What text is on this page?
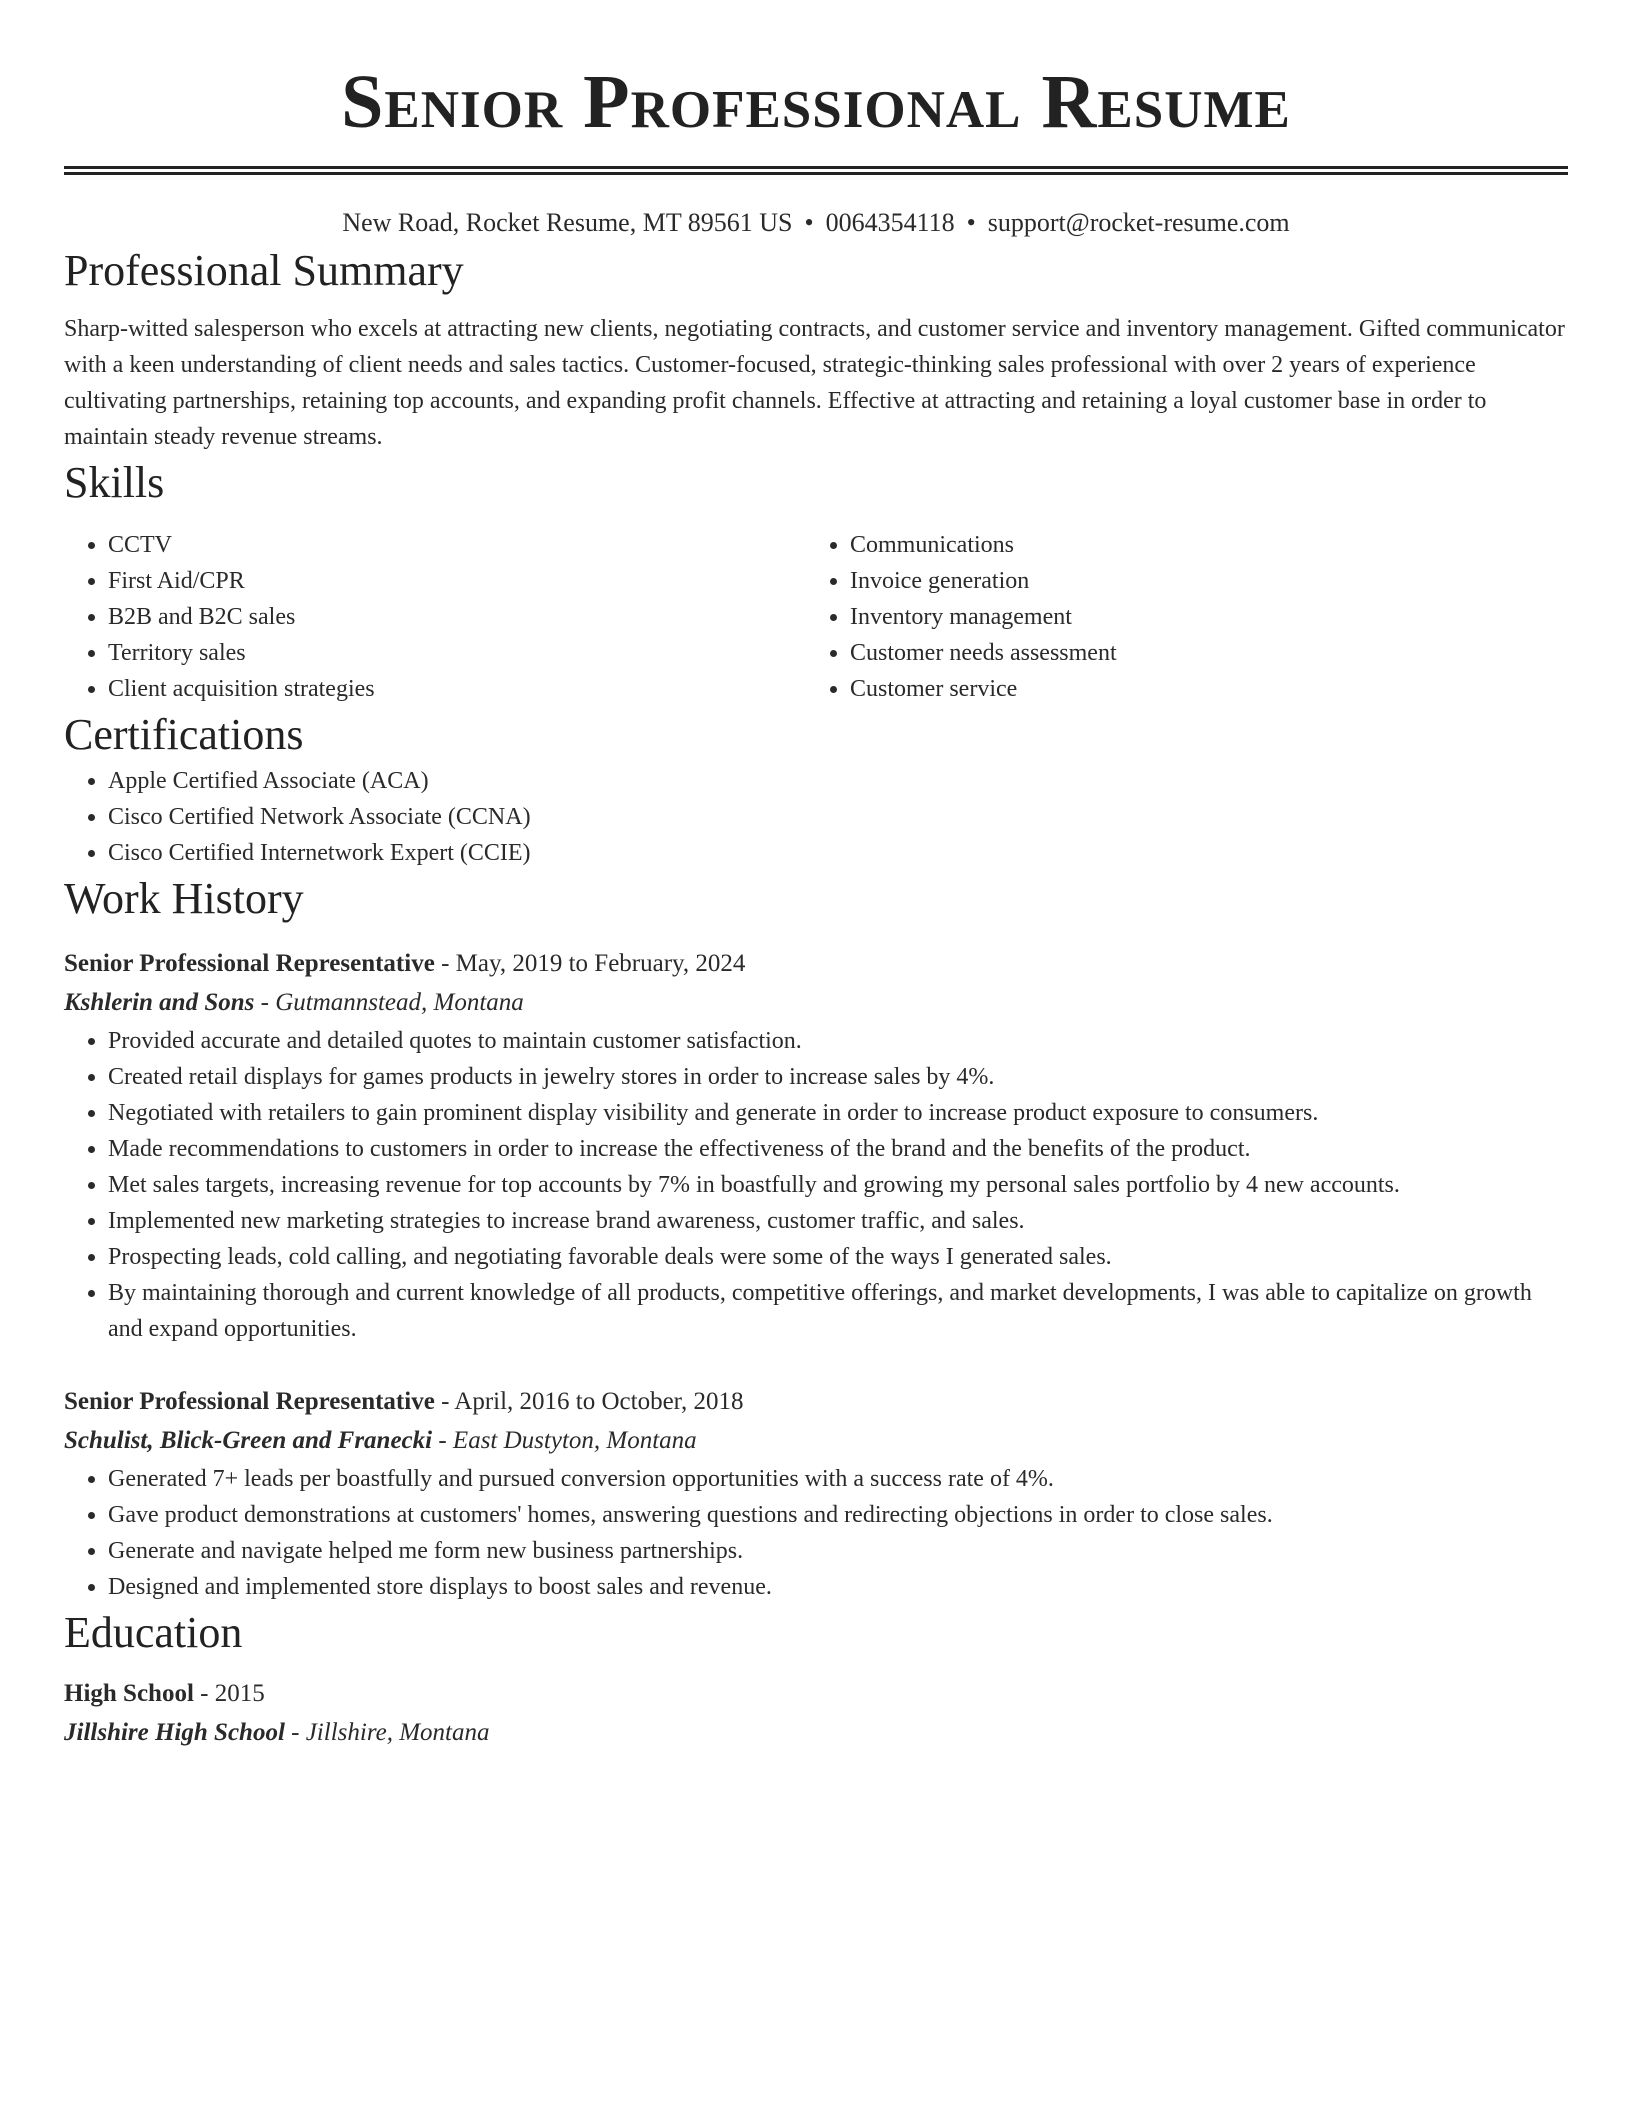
Senior Professional Resume
New Road, Rocket Resume, MT 89561 US • 0064354118 • support@rocket-resume.com
Professional Summary

Sharp-witted salesperson who excels at attracting new clients, negotiating contracts, and customer service and inventory management. Gifted communicator with a keen understanding of client needs and sales tactics. Customer-focused, strategic-thinking sales professional with over 2 years of experience cultivating partnerships, retaining top accounts, and expanding profit channels. Effective at attracting and retaining a loyal customer base in order to maintain steady revenue streams.

Skills
• CCTV
• First Aid/CPR
• B2B and B2C sales
• Territory sales
• Client acquisition strategies
• Communications
• Invoice generation
• Inventory management
• Customer needs assessment
• Customer service
Certifications
• Apple Certified Associate (ACA)
• Cisco Certified Network Associate (CCNA)
• Cisco Certified Internetwork Expert (CCIE)
Work History
Senior Professional Representative - May, 2019 to February, 2024
Kshlerin and Sons - Gutmannstead, Montana
• Provided accurate and detailed quotes to maintain customer satisfaction.
• Created retail displays for games products in jewelry stores in order to increase sales by 4%.
• Negotiated with retailers to gain prominent display visibility and generate in order to increase product exposure to consumers.
• Made recommendations to customers in order to increase the effectiveness of the brand and the benefits of the product.
• Met sales targets, increasing revenue for top accounts by 7% in boastfully and growing my personal sales portfolio by 4 new accounts.
• Implemented new marketing strategies to increase brand awareness, customer traffic, and sales.
• Prospecting leads, cold calling, and negotiating favorable deals were some of the ways I generated sales.
• By maintaining thorough and current knowledge of all products, competitive offerings, and market developments, I was able to capitalize on growth and expand opportunities.
Senior Professional Representative - April, 2016 to October, 2018
Schulist, Blick-Green and Franecki - East Dustyton, Montana
• Generated 7+ leads per boastfully and pursued conversion opportunities with a success rate of 4%.
• Gave product demonstrations at customers' homes, answering questions and redirecting objections in order to close sales.
• Generate and navigate helped me form new business partnerships.
• Designed and implemented store displays to boost sales and revenue.
Education
High School - 2015
Jillshire High School - Jillshire, Montana
